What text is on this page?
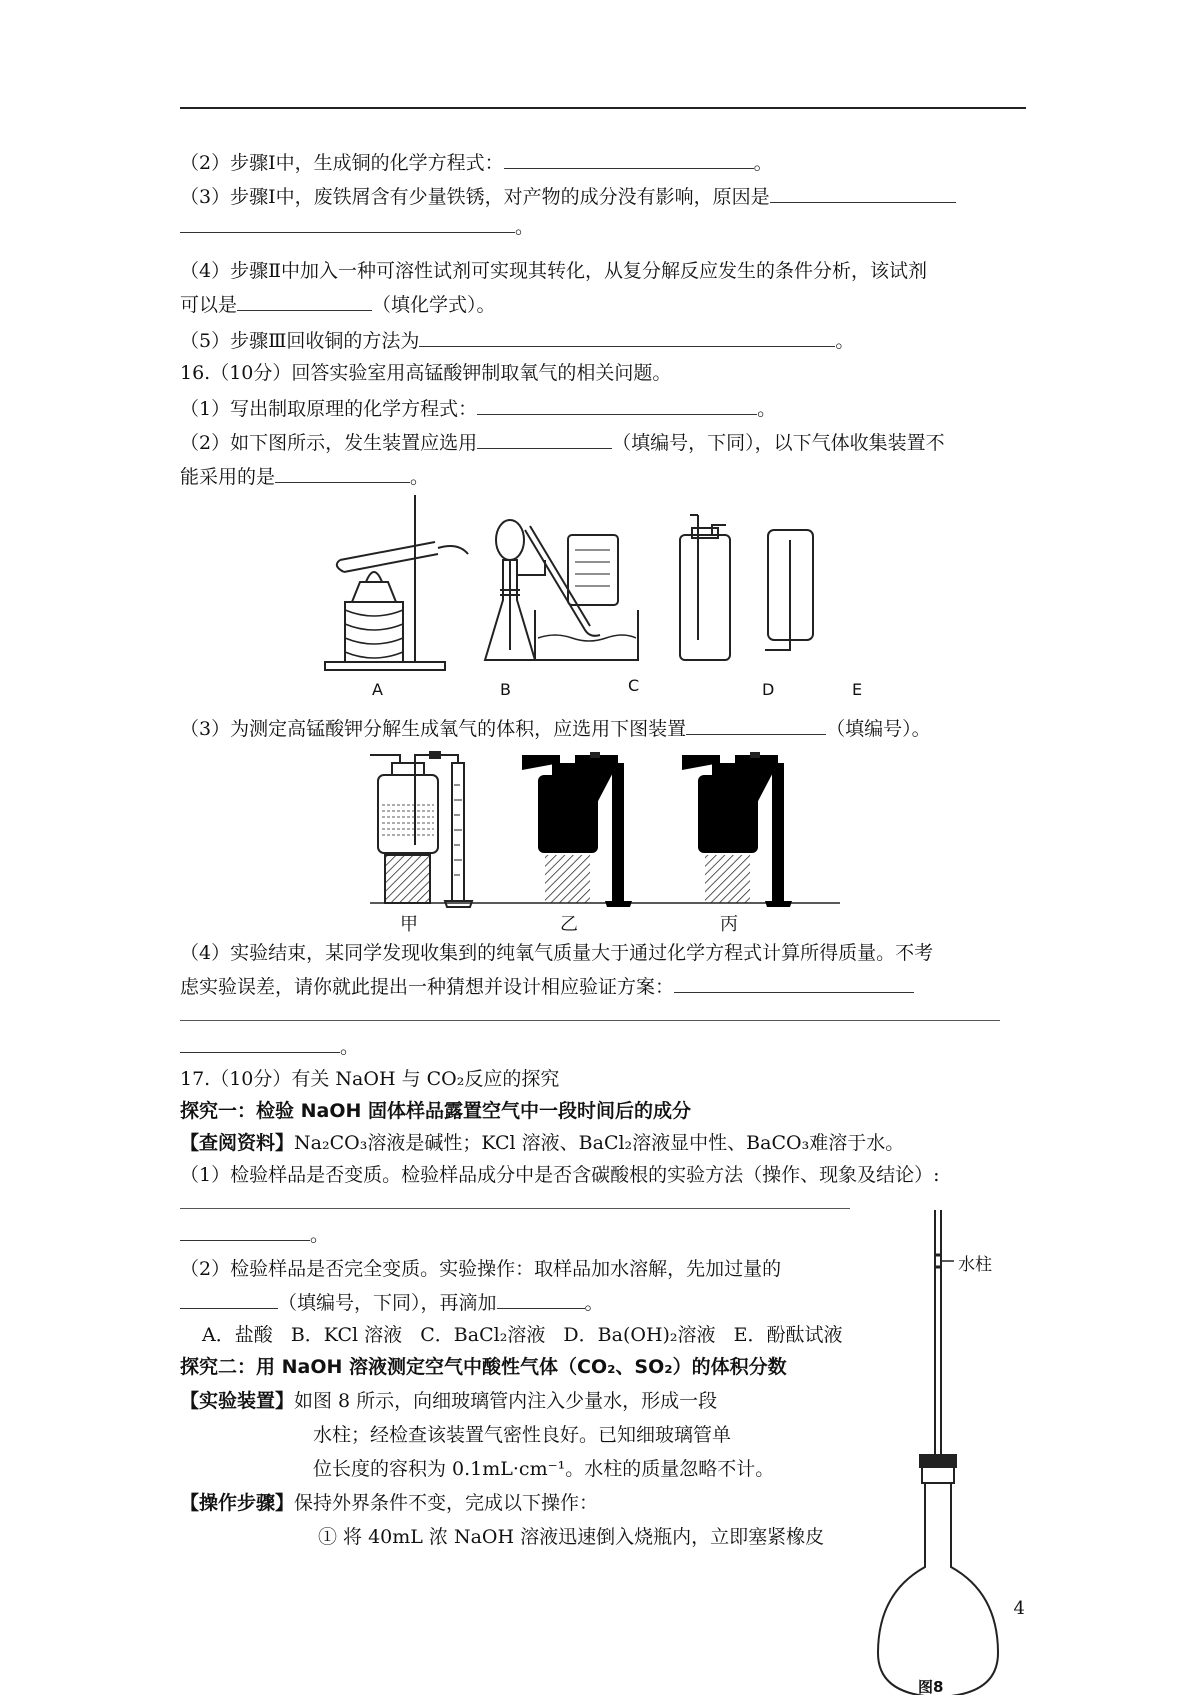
（2）步骤Ⅰ中，生成铜的化学方程式：	。
（3）步骤Ⅰ中，废铁屑含有少量铁锈，对产物的成分没有影响，原因是
。
（4）步骤Ⅱ中加入一种可溶性试剂可实现其转化，从复分解反应发生的条件分析，该试剂
可以是	（填化学式）。
（5）步骤Ⅲ回收铜的方法为	。
16.（10分）回答实验室用高锰酸钾制取氧气的相关问题。
（1）写出制取原理的化学方程式：	。
（2）如下图所示，发生装置应选用	（填编号，下同），以下气体收集装置不
能采用的是	。
A	B	C	D	E
（3）为测定高锰酸钾分解生成氧气的体积，应选用下图装置	（填编号）。
甲	乙	丙
（4）实验结束，某同学发现收集到的纯氧气质量大于通过化学方程式计算所得质量。不考
虑实验误差，请你就此提出一种猜想并设计相应验证方案：
。
17.（10分）有关 NaOH 与 CO₂反应的探究
探究一：检验 NaOH 固体样品露置空气中一段时间后的成分
【查阅资料】Na₂CO₃溶液是碱性；KCl 溶液、BaCl₂溶液显中性、BaCO₃难溶于水。
（1）检验样品是否变质。检验样品成分中是否含碳酸根的实验方法（操作、现象及结论）:
。
（2）检验样品是否完全变质。实验操作：取样品加水溶解，先加过量的
（填编号，下同），再滴加	。
A．盐酸   B．KCl 溶液   C．BaCl₂溶液   D．Ba(OH)₂溶液   E．酚酞试液
探究二：用 NaOH 溶液测定空气中酸性气体（CO₂、SO₂）的体积分数
【实验装置】如图 8 所示，向细玻璃管内注入少量水，形成一段
水柱；经检查该装置气密性良好。已知细玻璃管单
位长度的容积为 0.1mL·cm⁻¹。水柱的质量忽略不计。
【操作步骤】保持外界条件不变，完成以下操作：
① 将 40mL 浓 NaOH 溶液迅速倒入烧瓶内，立即塞紧橡皮
水柱
图8
4
